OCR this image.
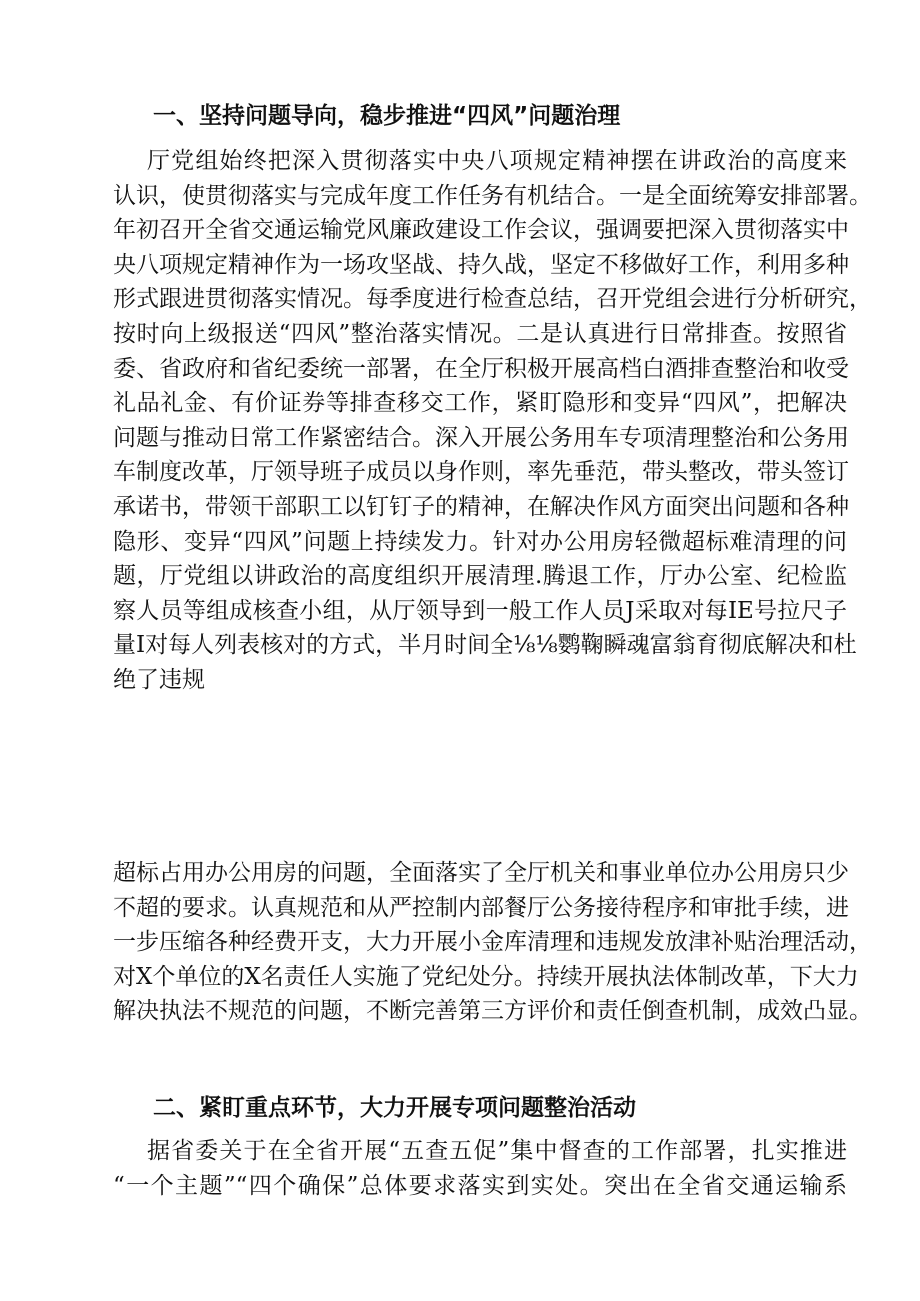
一、坚持问题导向，稳步推进“四风”问题治理
厅党组始终把深入贯彻落实中央八项规定精神摆在讲政治的高度来
认识，使贯彻落实与完成年度工作任务有机结合。一是全面统筹安排部署。
年初召开全省交通运输党风廉政建设工作会议，强调要把深入贯彻落实中
央八项规定精神作为一场攻坚战、持久战，坚定不移做好工作，利用多种
形式跟进贯彻落实情况。每季度进行检查总结，召开党组会进行分析研究，
按时向上级报送“四风”整治落实情况。二是认真进行日常排查。按照省
委、省政府和省纪委统一部署，在全厅积极开展高档白酒排查整治和收受
礼品礼金、有价证券等排查移交工作，紧盯隐形和变异“四风”，把解决
问题与推动日常工作紧密结合。深入开展公务用车专项清理整治和公务用
车制度改革，厅领导班子成员以身作则，率先垂范，带头整改，带头签订
承诺书，带领干部职工以钉钉子的精神，在解决作风方面突出问题和各种
隐形、变异“四风”问题上持续发力。针对办公用房轻微超标难清理的问
题，厅党组以讲政治的高度组织开展清理.腾退工作，厅办公室、纪检监
察人员等组成核查小组，从厅领导到一般工作人员J采取对每IE号拉尺子
量I对每人列表核对的方式，半月时间全⅛⅛鹦鞠瞬魂富翁育彻底解决和杜
绝了违规
超标占用办公用房的问题，全面落实了全厅机关和事业单位办公用房只少
不超的要求。认真规范和从严控制内部餐厅公务接待程序和审批手续，进
一步压缩各种经费开支，大力开展小金库清理和违规发放津补贴治理活动，
对X个单位的X名责任人实施了党纪处分。持续开展执法体制改革，下大力
解决执法不规范的问题，不断完善第三方评价和责任倒查机制，成效凸显。
二、紧盯重点环节，大力开展专项问题整治活动
据省委关于在全省开展“五查五促”集中督查的工作部署，扎实推进
“一个主题”“四个确保”总体要求落实到实处。突出在全省交通运输系
